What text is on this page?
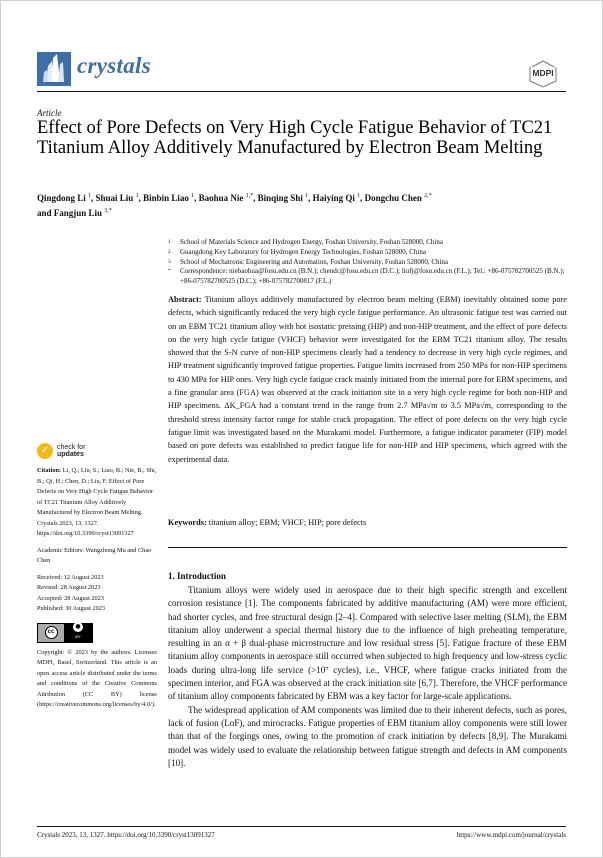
crystals	MDPI
Article
Effect of Pore Defects on Very High Cycle Fatigue Behavior of TC21 Titanium Alloy Additively Manufactured by Electron Beam Melting
Qingdong Li $^1$, Shuai Liu $^1$, Binbin Liao $^1$, Baohua Nie $^{1,*}$, Binqing Shi $^1$, Haiying Qi $^1$, Dongchu Chen $^{2,*}$
and Fangjun Liu $^{3,*}$
1	School of Materials Science and Hydrogen Energy, Foshan University, Foshan 528000, China
2	Guangdong Key Laboratory for Hydrogen Energy Technologies, Foshan 528000, China
3	School of Mechatronic Engineering and Automation, Foshan University, Foshan 528000, China
*	Correspondence: niebaohua@fosu.edu.cn (B.N.); chendc@fosu.edu.cn (D.C.); liufj@fosu.edu.cn (F.L.); Tel.: +86-075782700525 (B.N.); +86-075782700525 (D.C.); +86-075782700817 (F.L.)

Abstract: Titanium alloys additively manufactured by electron beam melting (EBM) inevitably obtained some pore defects, which significantly reduced the very high cycle fatigue performance. An ultrasonic fatigue test was carried out on an EBM TC21 titanium alloy with hot isostatic pressing (HIP) and non-HIP treatment, and the effect of pore defects on the very high cycle fatigue (VHCF) behavior were investigated for the EBM TC21 titanium alloy. The results showed that the S-N curve of non-HIP specimens clearly had a tendency to decrease in very high cycle regimes, and HIP treatment significantly improved fatigue properties. Fatigue limits increased from 250 MPa for non-HIP specimens to 430 MPa for HIP ones. Very high cycle fatigue crack mainly initiated from the internal pore for EBM specimens, and a fine granular area (FGA) was observed at the crack initiation site in a very high cycle regime for both non-HIP and HIP specimens. ΔK_FGA had a constant trend in the range from 2.7 MPa√m to 3.5 MPa√m, corresponding to the threshold stress intensity factor range for stable crack propagation. The effect of pore defects on the very high cycle fatigue limit was investigated based on the Murakami model. Furthermore, a fatigue indicator parameter (FIP) model based on pore defects was established to predict fatigue life for non-HIP and HIP specimens, which agreed with the experimental data.

Keywords: titanium alloy; EBM; VHCF; HIP; pore defects
1. Introduction

Titanium alloys were widely used in aerospace due to their high specific strength and excellent corrosion resistance [1]. The components fabricated by additive manufacturing (AM) were more efficient, had shorter cycles, and free structural design [2–4]. Compared with selective laser melting (SLM), the EBM titanium alloy underwent a special thermal history due to the influence of high preheating temperature, resulting in an α + β dual-phase microstructure and low residual stress [5]. Fatigue fracture of these EBM titanium alloy components in aerospace still occurred when subjected to high frequency and low-stress cyclic loads during ultra-long life service (>10⁷ cycles), i.e., VHCF, where fatigue cracks initiated from the specimen interior, and FGA was observed at the crack initiation site [6,7]. Therefore, the VHCF performance of titanium alloy components fabricated by EBM was a key factor for large-scale applications.

The widespread application of AM components was limited due to their inherent defects, such as pores, lack of fusion (LoF), and mirocracks. Fatigue properties of EBM titanium alloy components were still lower than that of the forgings ones, owing to the promotion of crack initiation by defects [8,9]. The Murakami model was widely used to evaluate the relationship between fatigue strength and defects in AM components [10].

✓	check for
updates
Citation: Li, Q.; Liu, S.; Liao, B.; Nie, B.; Shi, B.; Qi, H.; Chen, D.; Liu, F. Effect of Pore Defects on Very High Cycle Fatigue Behavior of TC21 Titanium Alloy Additively Manufactured by Electron Beam Melting. Crystals 2023, 13, 1327. https://doi.org/10.3390/cryst13091327
Academic Editors: Wangzhong Mu and Chao Chen
Received: 12 August 2023
Revised: 28 August 2023
Accepted: 28 August 2023
Published: 30 August 2023
cc
●
BY
Copyright: © 2023 by the authors. Licensee MDPI, Basel, Switzerland. This article is an open access article distributed under the terms and conditions of the Creative Commons Attribution (CC BY) license (https://creativecommons.org/licenses/by/4.0/).
Crystals 2023, 13, 1327. https://doi.org/10.3390/cryst13091327	https://www.mdpi.com/journal/crystals
